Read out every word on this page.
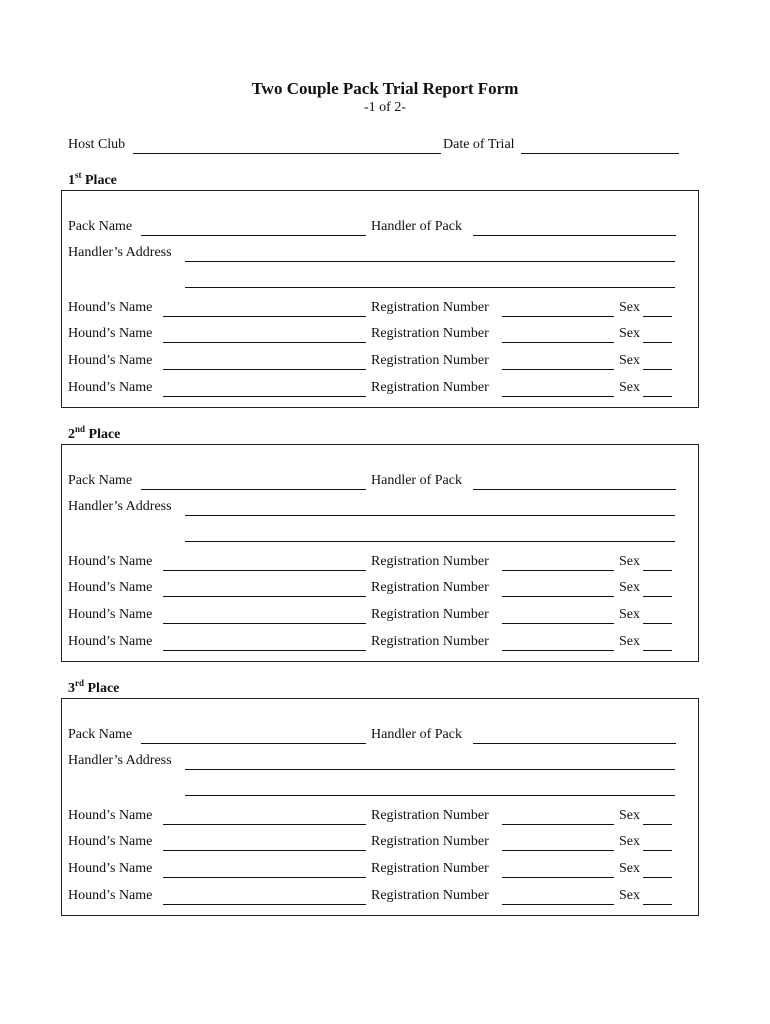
Two Couple Pack Trial Report Form
-1 of 2-
Host Club	Date of Trial
1st Place
Pack Name	Handler of Pack
Handler’s Address
Hound’s Name	Registration Number	Sex
Hound’s Name	Registration Number	Sex
Hound’s Name	Registration Number	Sex
Hound’s Name	Registration Number	Sex
2nd Place
Pack Name	Handler of Pack
Handler’s Address
Hound’s Name	Registration Number	Sex
Hound’s Name	Registration Number	Sex
Hound’s Name	Registration Number	Sex
Hound’s Name	Registration Number	Sex
3rd Place
Pack Name	Handler of Pack
Handler’s Address
Hound’s Name	Registration Number	Sex
Hound’s Name	Registration Number	Sex
Hound’s Name	Registration Number	Sex
Hound’s Name	Registration Number	Sex
